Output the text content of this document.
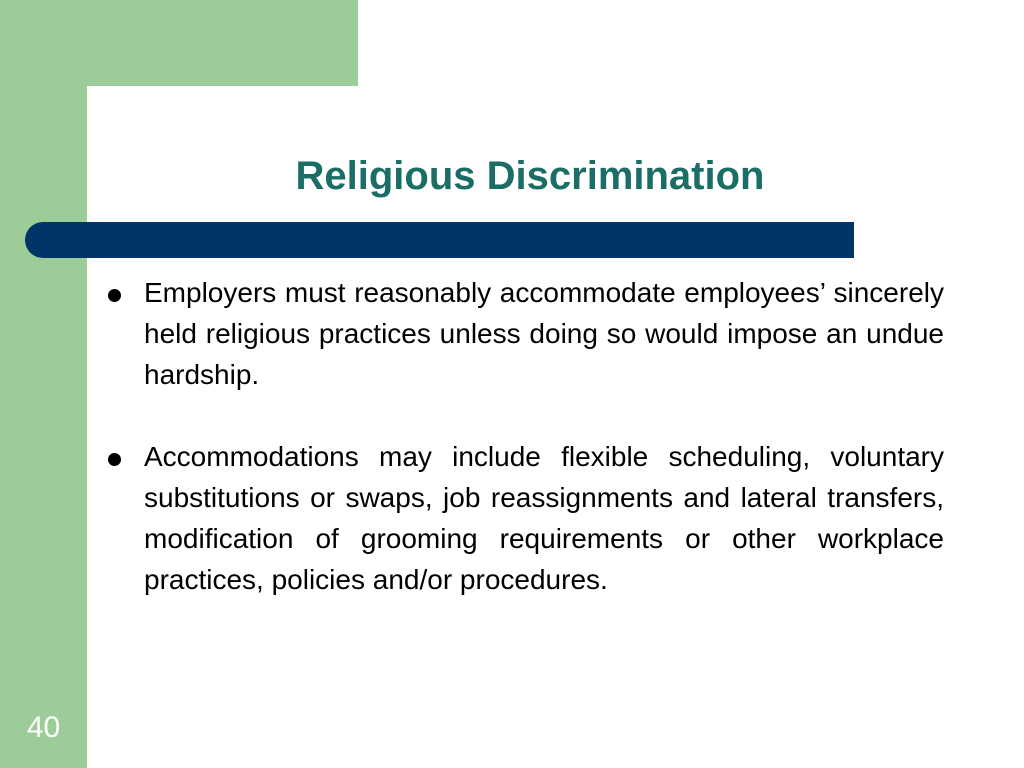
Religious Discrimination
Employers must reasonably accommodate employees’ sincerely held religious practices unless doing so would impose an undue hardship.
Accommodations may include flexible scheduling, voluntary substitutions or swaps, job reassignments and lateral transfers, modification of grooming requirements or other workplace practices, policies and/or procedures.
40
